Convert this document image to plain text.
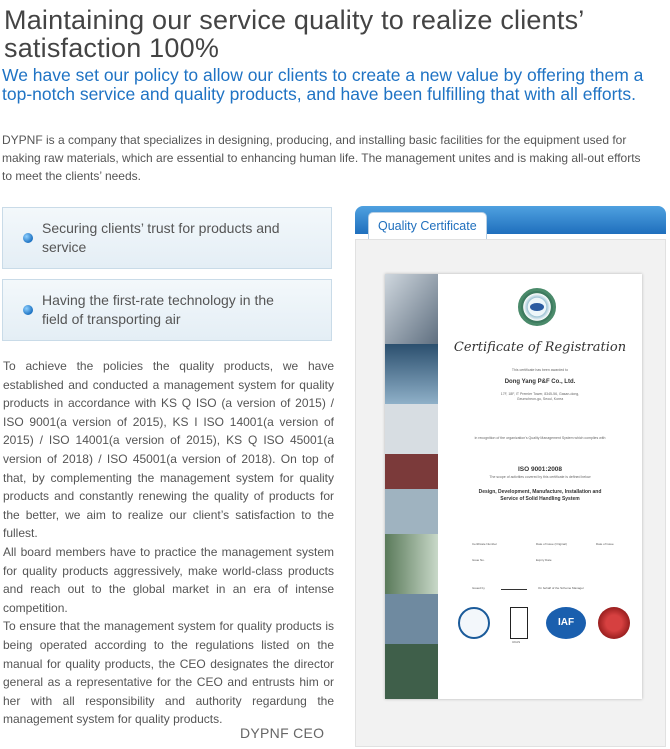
Maintaining our service quality to realize clients’
satisfaction 100%
We have set our policy to allow our clients to create a new value by offering them a
top-notch service and quality products, and have been fulfilling that with all efforts.
DYPNF is a company that specializes in designing, producing, and installing basic facilities for the equipment used for
making raw materials, which are essential to enhancing human life. The management unites and is making all-out efforts
to meet the clients’ needs.
Securing clients’ trust for products and service
Having the first-rate technology in the
field of transporting air

To achieve the policies the quality products, we have established and conducted a management system for quality products in accordance with KS Q ISO (a version of 2015) / ISO 9001(a version of 2015), KS I ISO 14001(a version of 2015) / ISO 14001(a version of 2015), KS Q ISO 45001(a version of 2018) / ISO 45001(a version of 2018). On top of that, by complementing the management system for quality products and constantly renewing the quality of products for the better, we aim to realize our client’s satisfaction to the fullest.

All board members have to practice the management system for quality products aggressively, make world-class products and reach out to the global market in an era of intense competition.

To ensure that the management system for quality products is being operated according to the regulations listed on the manual for quality products, the CEO designates the director general as a representative for the CEO and entrusts him or her with all responsibility and authority regardung the management system for quality products.

DYPNF CEO
Quality Certificate
Certificate of Registration
This certificate has been awarded to
Dong Yang P&F Co., Ltd.
17F, 18F, IT Premier Tower, 8345-56, Gasan-dong,
Geumcheon-gu, Seoul, Korea
in recognition of the organization's Quality Management System which complies with
ISO 9001:2008
The scope of activities covered by this certificate is defined below
Design, Development, Manufacture, Installation and
Service of Solid Handling System
Certificate Number	Date of Issue (Original)	Date of Issue
Issue No.	Expiry Date
Issued by	On behalf of the Scheme Manager
UKAS
IAF
